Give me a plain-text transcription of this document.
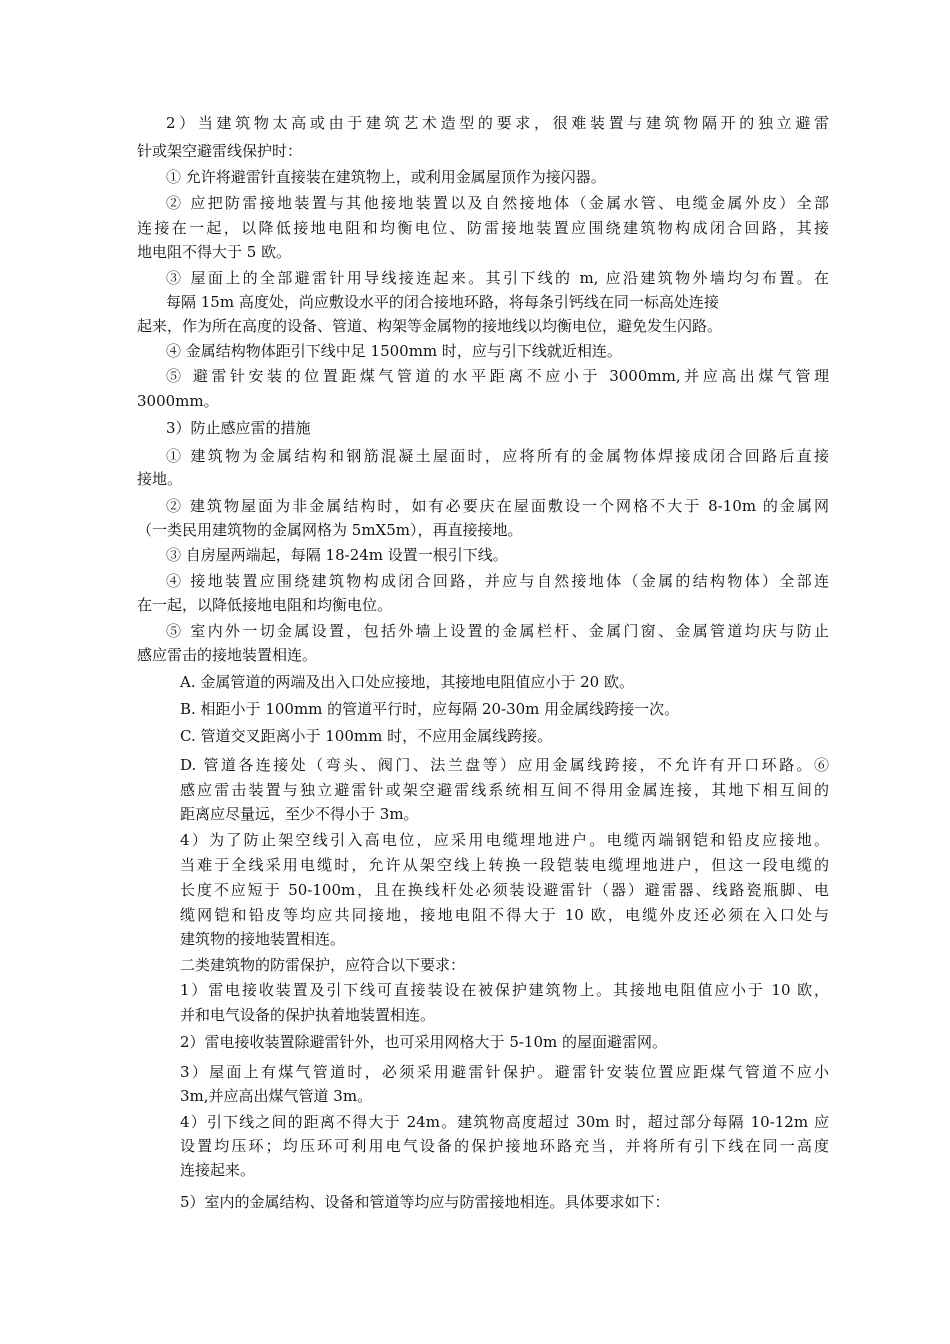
2）当建筑物太高或由于建筑艺术造型的要求，很难装置与建筑物隔开的独立避雷
针或架空避雷线保护时：
① 允许将避雷针直接装在建筑物上，或利用金属屋顶作为接闪器。
② 应把防雷接地装置与其他接地装置以及自然接地体（金属水管、电缆金属外皮）全部
连接在一起，以降低接地电阻和均衡电位、防雷接地装置应围绕建筑物构成闭合回路，其接
地电阻不得大于 5 欧。
③ 屋面上的全部避雷针用导线接连起来。其引下线的 m, 应沿建筑物外墙均匀布置。在
每隔 15m 高度处，尚应敷设水平的闭合接地环路，将每条引钙线在同一标高处连接
起来，作为所在高度的设备、管道、构架等金属物的接地线以均衡电位，避免发生闪路。
④ 金属结构物体距引下线中足 1500mm 时，应与引下线就近相连。
⑤ 避雷针安装的位置距煤气管道的水平距离不应小于 3000mm,并应高出煤气管理
3000mm。
3）防止感应雷的措施
① 建筑物为金属结构和钢筋混凝土屋面时，应将所有的金属物体焊接成闭合回路后直接
接地。
② 建筑物屋面为非金属结构时，如有必要庆在屋面敷设一个网格不大于 8-10m 的金属网
（一类民用建筑物的金属网格为 5mX5m），再直接接地。
③ 自房屋两端起，每隔 18-24m 设置一根引下线。
④ 接地装置应围绕建筑物构成闭合回路，并应与自然接地体（金属的结构物体）全部连
在一起，以降低接地电阻和均衡电位。
⑤ 室内外一切金属设置，包括外墙上设置的金属栏杆、金属门窗、金属管道均庆与防止
感应雷击的接地装置相连。
A. 金属管道的两端及出入口处应接地，其接地电阻值应小于 20 欧。
B. 相距小于 100mm 的管道平行时，应每隔 20-30m 用金属线跨接一次。
C. 管道交叉距离小于 100mm 时，不应用金属线跨接。
D. 管道各连接处（弯头、阀门、法兰盘等）应用金属线跨接，不允许有开口环路。⑥
感应雷击装置与独立避雷针或架空避雷线系统相互间不得用金属连接，其地下相互间的
距离应尽量远，至少不得小于 3m。
4）为了防止架空线引入高电位，应采用电缆埋地进户。电缆丙端钢铠和铅皮应接地。
当难于全线采用电缆时，允许从架空线上转换一段铠装电缆埋地进户，但这一段电缆的
长度不应短于 50-100m，且在换线杆处必须装设避雷针（器）避雷器、线路瓷瓶脚、电
缆网铠和铅皮等均应共同接地，接地电阻不得大于 10 欧，电缆外皮还必须在入口处与
建筑物的接地装置相连。
二类建筑物的防雷保护，应符合以下要求：
1）雷电接收装置及引下线可直接装设在被保护建筑物上。其接地电阻值应小于 10 欧，
并和电气设备的保护执着地装置相连。
2）雷电接收装置除避雷针外，也可采用网格大于 5-10m 的屋面避雷网。
3）屋面上有煤气管道时，必须采用避雷针保护。避雷针安装位置应距煤气管道不应小
3m,并应高出煤气管道 3m。
4）引下线之间的距离不得大于 24m。建筑物高度超过 30m 时，超过部分每隔 10-12m 应
设置均压环；均压环可利用电气设备的保护接地环路充当，并将所有引下线在同一高度
连接起来。
5）室内的金属结构、设备和管道等均应与防雷接地相连。具体要求如下：
